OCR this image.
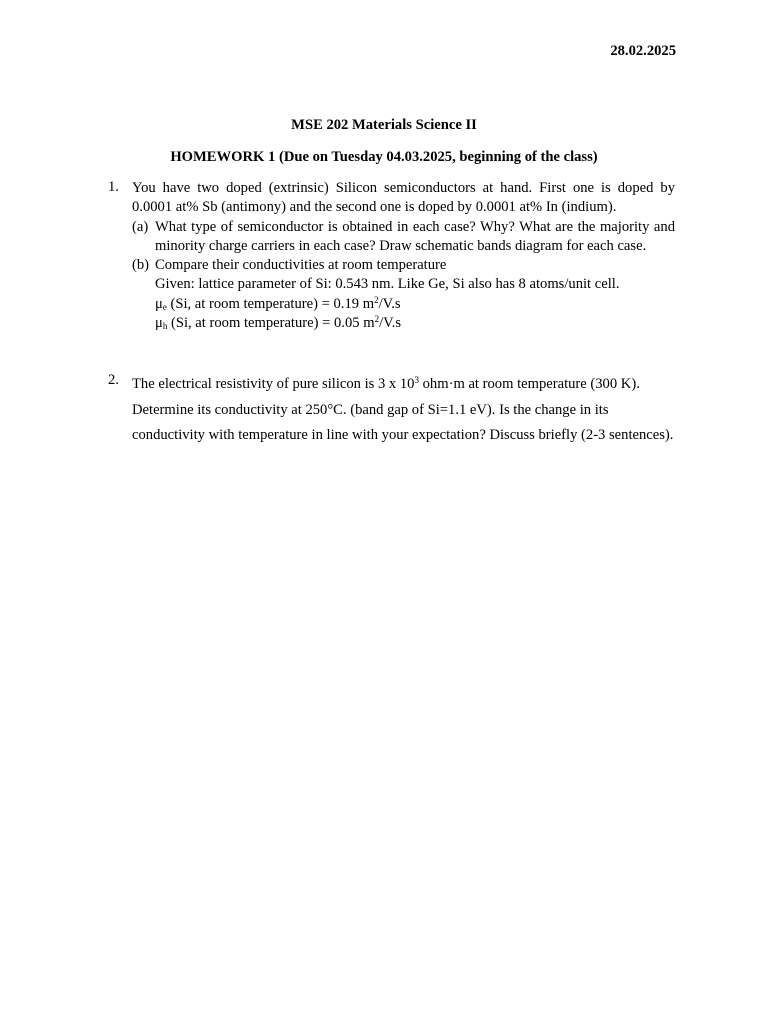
28.02.2025
MSE 202 Materials Science II
HOMEWORK 1 (Due on Tuesday 04.03.2025, beginning of the class)
1. You have two doped (extrinsic) Silicon semiconductors at hand. First one is doped by 0.0001 at% Sb (antimony) and the second one is doped by 0.0001 at% In (indium).
(a) What type of semiconductor is obtained in each case? Why? What are the majority and minority charge carriers in each case? Draw schematic bands diagram for each case.
(b) Compare their conductivities at room temperature
Given: lattice parameter of Si: 0.543 nm. Like Ge, Si also has 8 atoms/unit cell.
$\mu_e$ (Si, at room temperature) = 0.19 $m^2/V.s$
$\mu_h$ (Si, at room temperature) = 0.05 $m^2/V.s$
2. The electrical resistivity of pure silicon is 3 x $10^3$ ohm·m at room temperature (300 K). Determine its conductivity at 250°C. (band gap of Si=1.1 eV). Is the change in its conductivity with temperature in line with your expectation? Discuss briefly (2-3 sentences).
